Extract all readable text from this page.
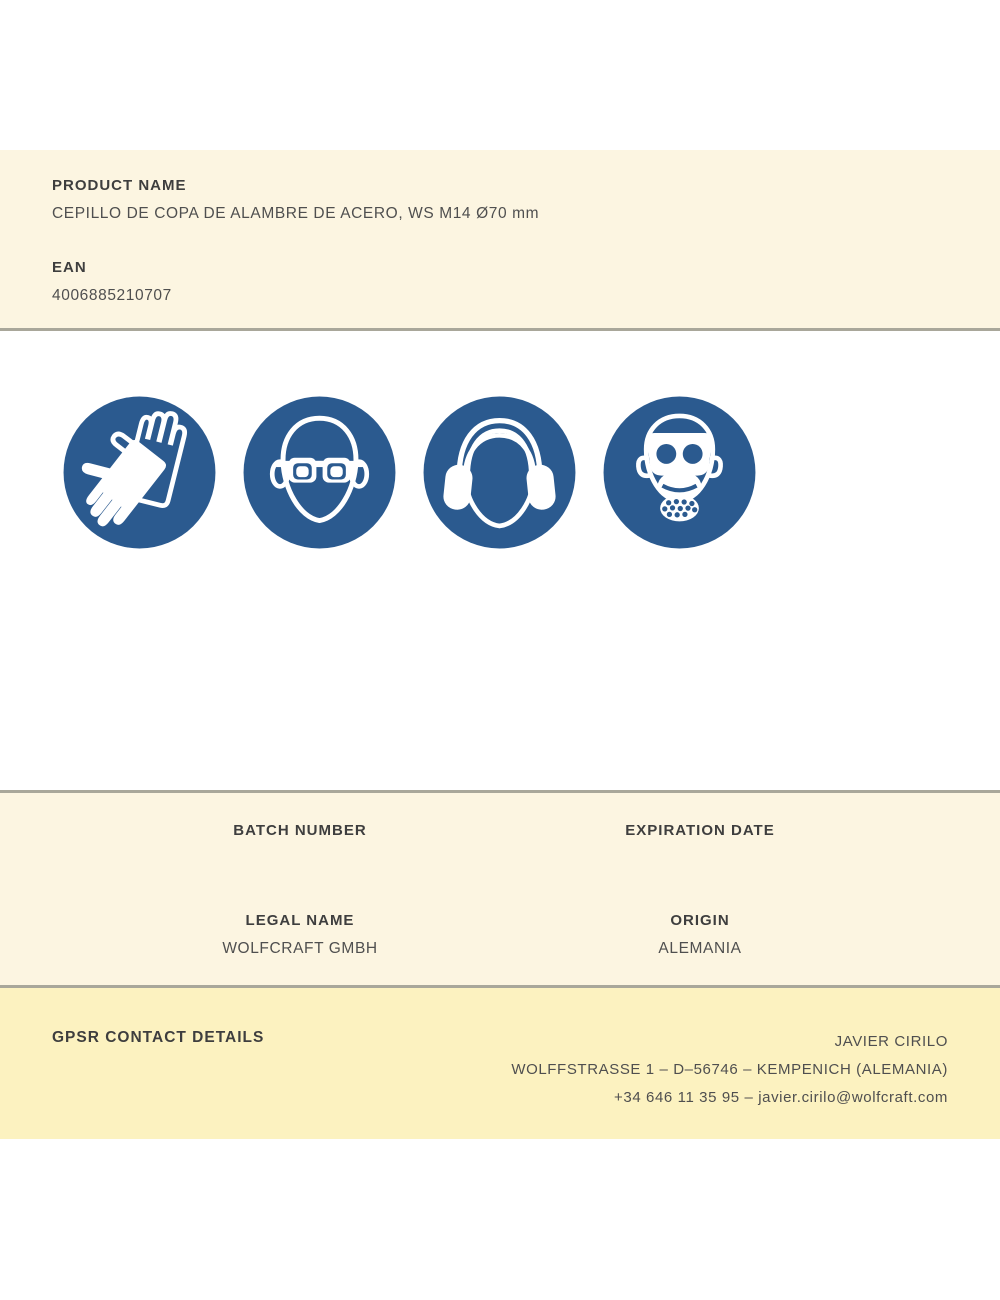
PRODUCT NAME
CEPILLO DE COPA DE ALAMBRE DE ACERO, WS M14 Ø70 mm
EAN
4006885210707
BATCH NUMBER	EXPIRATION DATE
LEGAL NAME
WOLFCRAFT GMBH
ORIGIN
ALEMANIA
GPSR CONTACT DETAILS	JAVIER CIRILO
WOLFFSTRASSE 1 – D–56746 – KEMPENICH (ALEMANIA)
+34 646 11 35 95 – javier.cirilo@wolfcraft.com
